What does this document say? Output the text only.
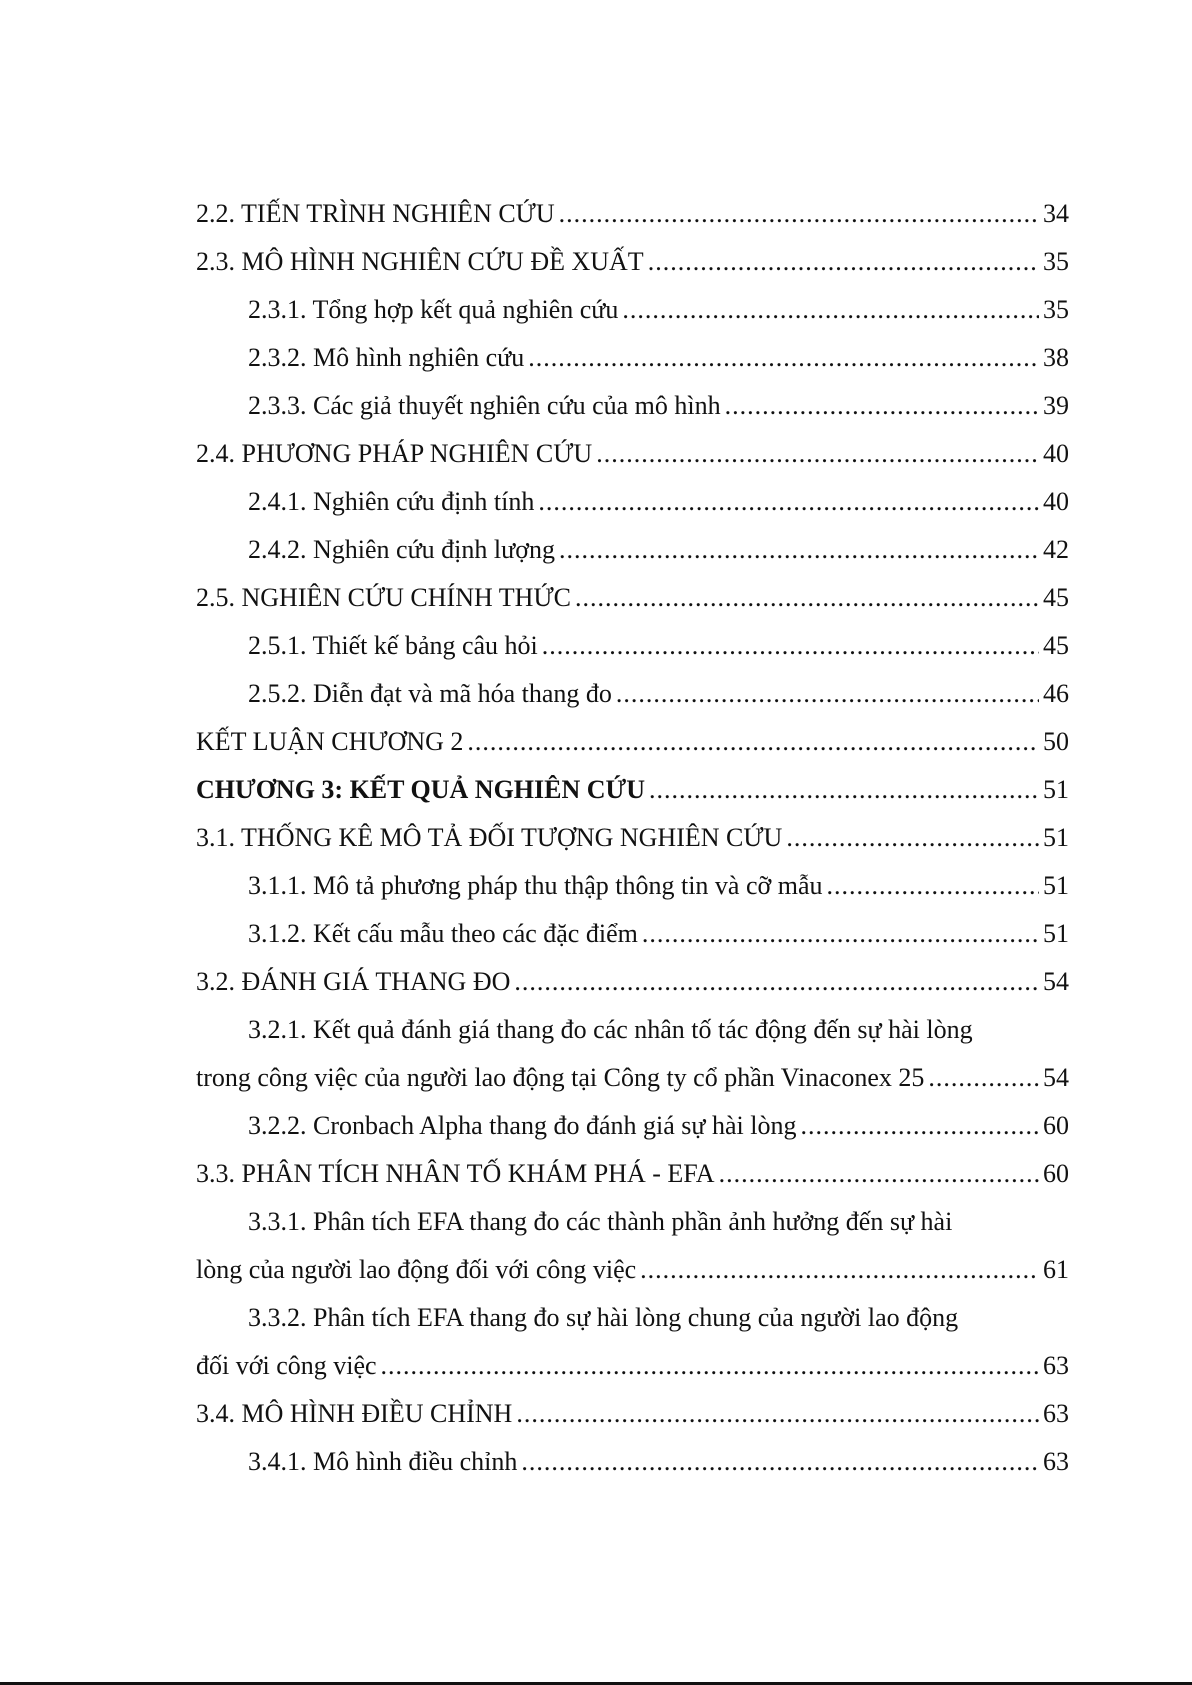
2.2. TIẾN TRÌNH NGHIÊN CỨU .....	34
2.3. MÔ HÌNH NGHIÊN CỨU ĐỀ XUẤT .....	35
2.3.1. Tổng hợp kết quả nghiên cứu .....	35
2.3.2. Mô hình nghiên cứu .....	38
2.3.3. Các giả thuyết nghiên cứu của mô hình .....	39
2.4. PHƯƠNG PHÁP NGHIÊN CỨU .....	40
2.4.1. Nghiên cứu định tính .....	40
2.4.2. Nghiên cứu định lượng .....	42
2.5. NGHIÊN CỨU CHÍNH THỨC .....	45
2.5.1. Thiết kế bảng câu hỏi .....	45
2.5.2. Diễn đạt và mã hóa thang đo .....	46
KẾT LUẬN CHƯƠNG 2 .....	50
CHƯƠNG 3: KẾT QUẢ NGHIÊN CỨU .....	51
3.1. THỐNG KÊ MÔ TẢ ĐỐI TƯỢNG NGHIÊN CỨU .....	51
3.1.1. Mô tả phương pháp thu thập thông tin và cỡ mẫu .....	51
3.1.2. Kết cấu mẫu theo các đặc điểm .....	51
3.2. ĐÁNH GIÁ THANG ĐO .....	54
3.2.1. Kết quả đánh giá thang đo các nhân tố tác động đến sự hài lòng
trong công việc của người lao động tại Công ty cổ phần Vinaconex 25 .....	54
3.2.2. Cronbach Alpha thang đo đánh giá sự hài lòng .....	60
3.3. PHÂN TÍCH NHÂN TỐ KHÁM PHÁ - EFA .....	60
3.3.1. Phân tích EFA thang đo các thành phần ảnh hưởng đến sự hài
lòng của người lao động đối với công việc .....	61
3.3.2. Phân tích EFA thang đo sự hài lòng chung của người lao động
đối với công việc .....	63
3.4. MÔ HÌNH ĐIỀU CHỈNH .....	63
3.4.1. Mô hình điều chỉnh .....	63
